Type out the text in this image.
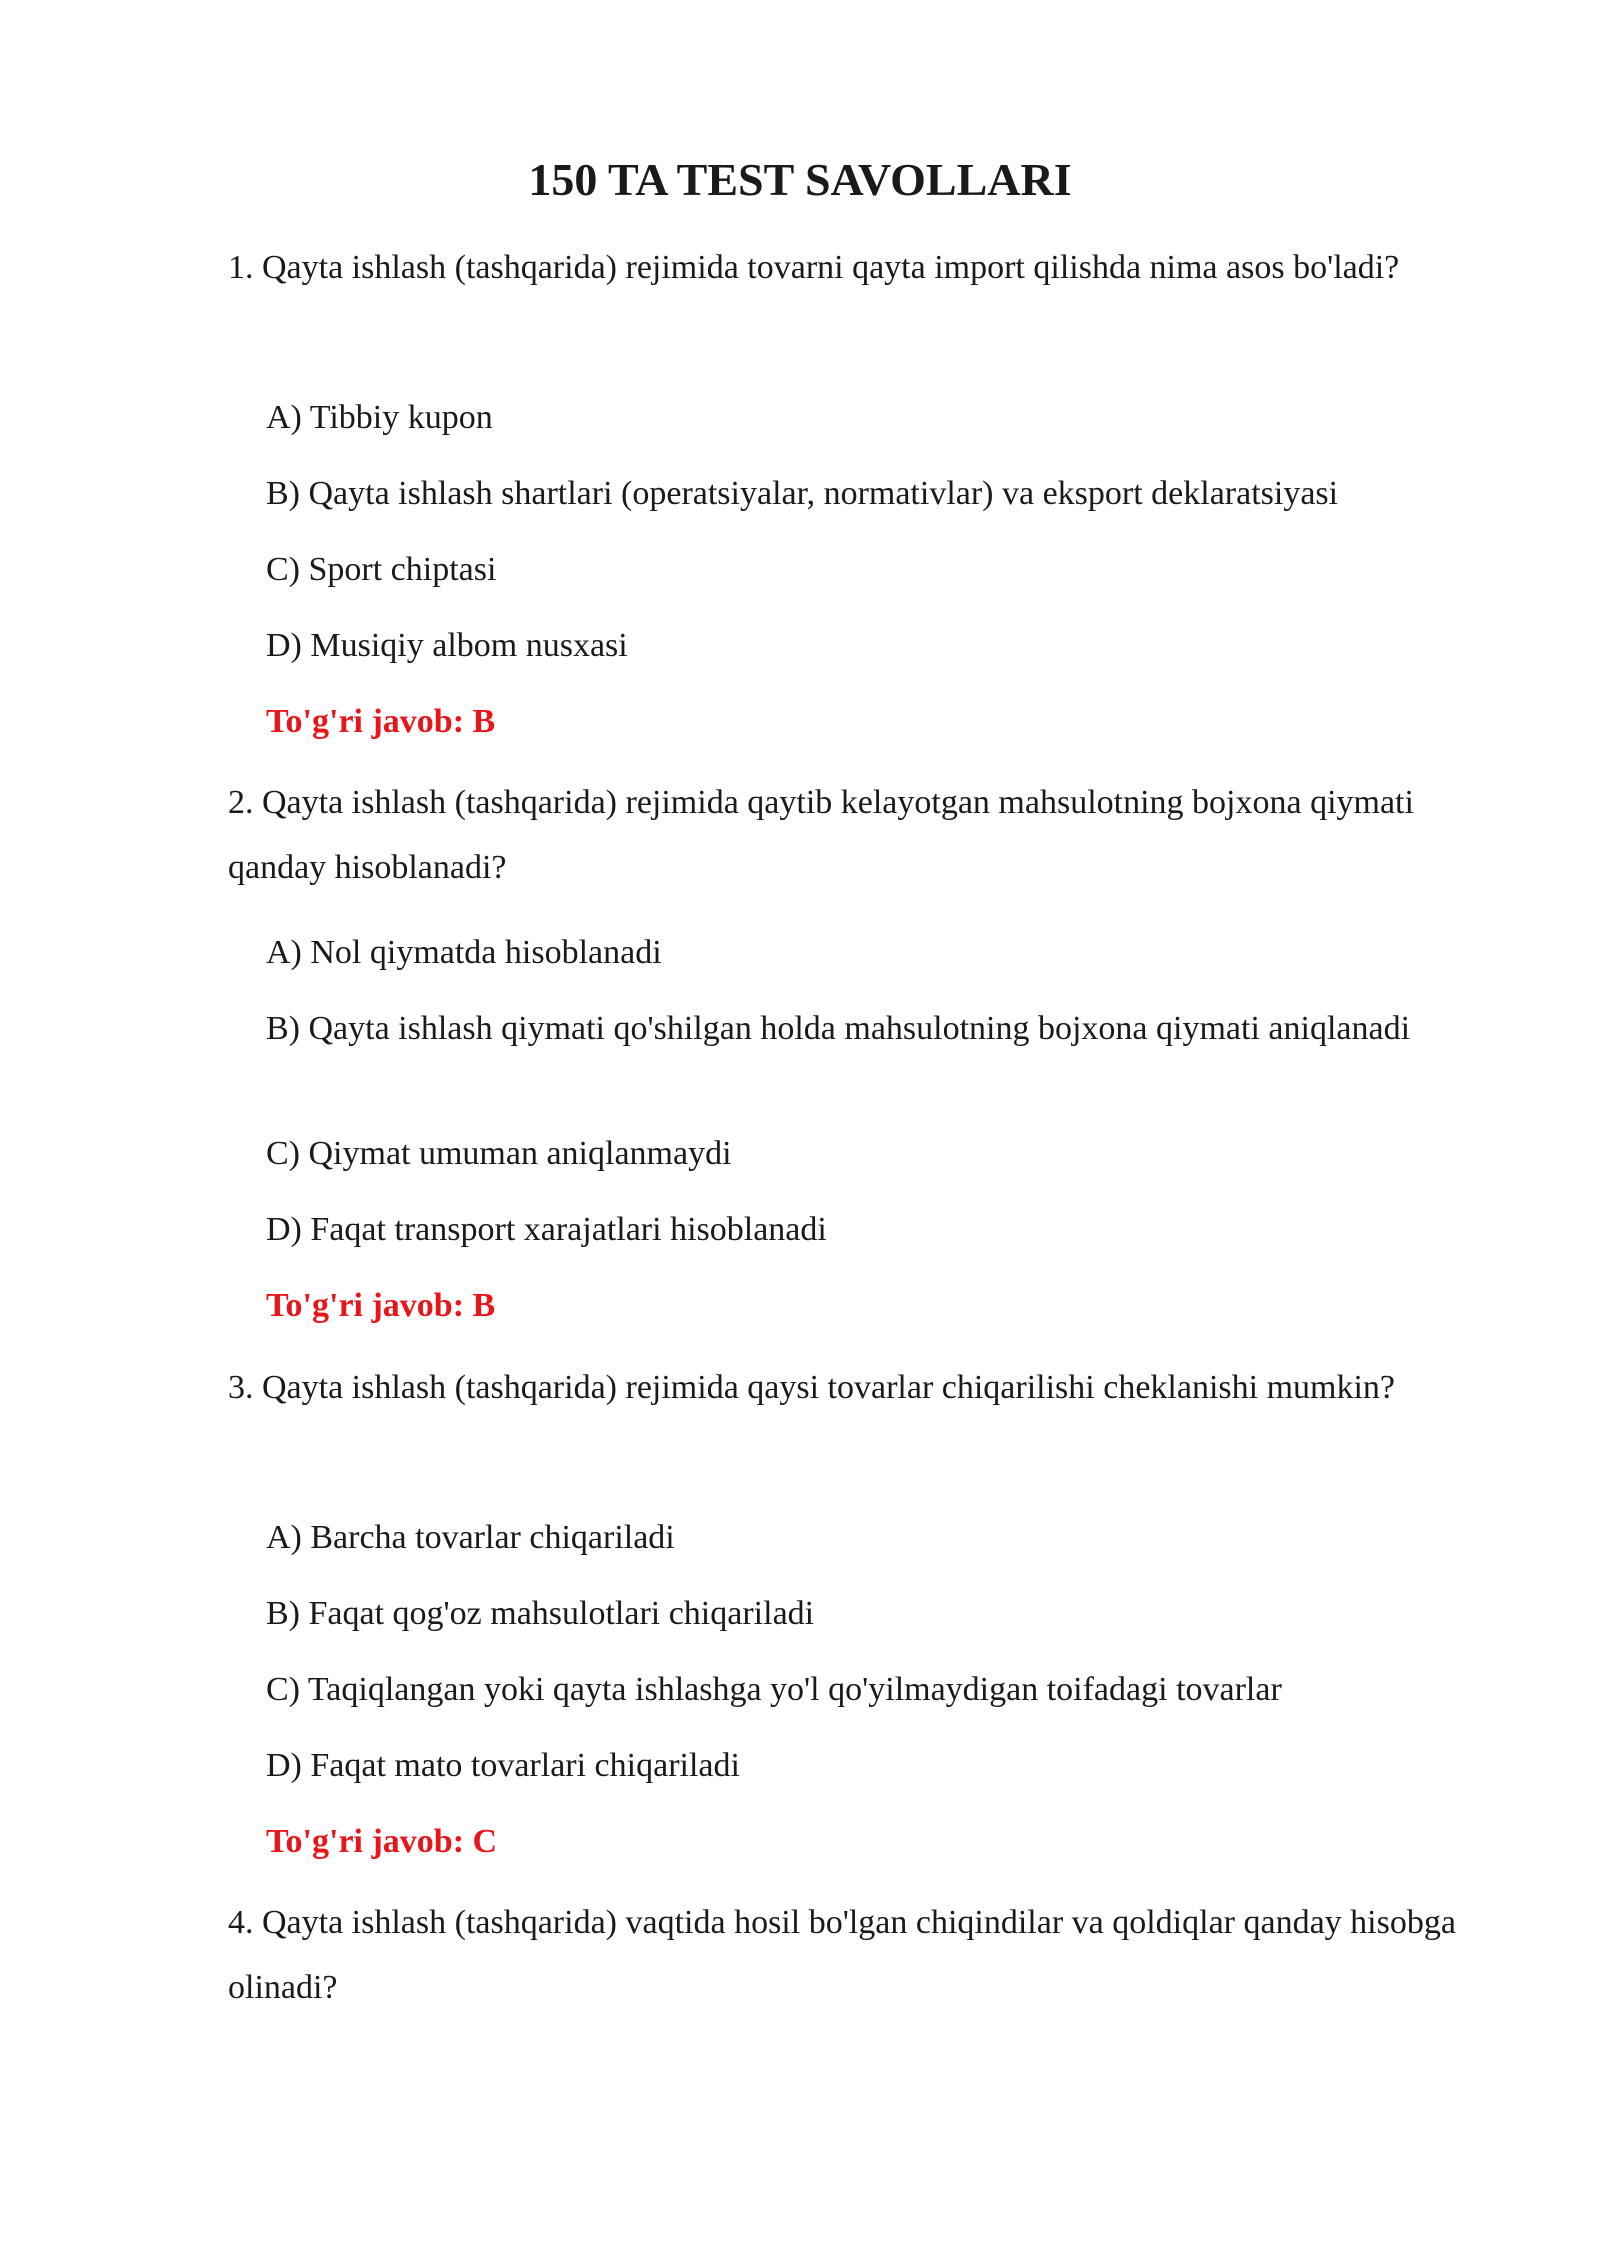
150 TA TEST SAVOLLARI

1. Qayta ishlash (tashqarida) rejimida tovarni qayta import qilishda nima asos bo'ladi?

A) Tibbiy kupon

B) Qayta ishlash shartlari (operatsiyalar, normativlar) va eksport deklaratsiyasi

C) Sport chiptasi

D) Musiqiy albom nusxasi

To'g'ri javob: B

2. Qayta ishlash (tashqarida) rejimida qaytib kelayotgan mahsulotning bojxona qiymati qanday hisoblanadi?

A) Nol qiymatda hisoblanadi

B) Qayta ishlash qiymati qo'shilgan holda mahsulotning bojxona qiymati aniqlanadi

C) Qiymat umuman aniqlanmaydi

D) Faqat transport xarajatlari hisoblanadi

To'g'ri javob: B

3. Qayta ishlash (tashqarida) rejimida qaysi tovarlar chiqarilishi cheklanishi mumkin?

A) Barcha tovarlar chiqariladi

B) Faqat qog'oz mahsulotlari chiqariladi

C) Taqiqlangan yoki qayta ishlashga yo'l qo'yilmaydigan toifadagi tovarlar

D) Faqat mato tovarlari chiqariladi

To'g'ri javob: C

4. Qayta ishlash (tashqarida) vaqtida hosil bo'lgan chiqindilar va qoldiqlar qanday hisobga olinadi?
